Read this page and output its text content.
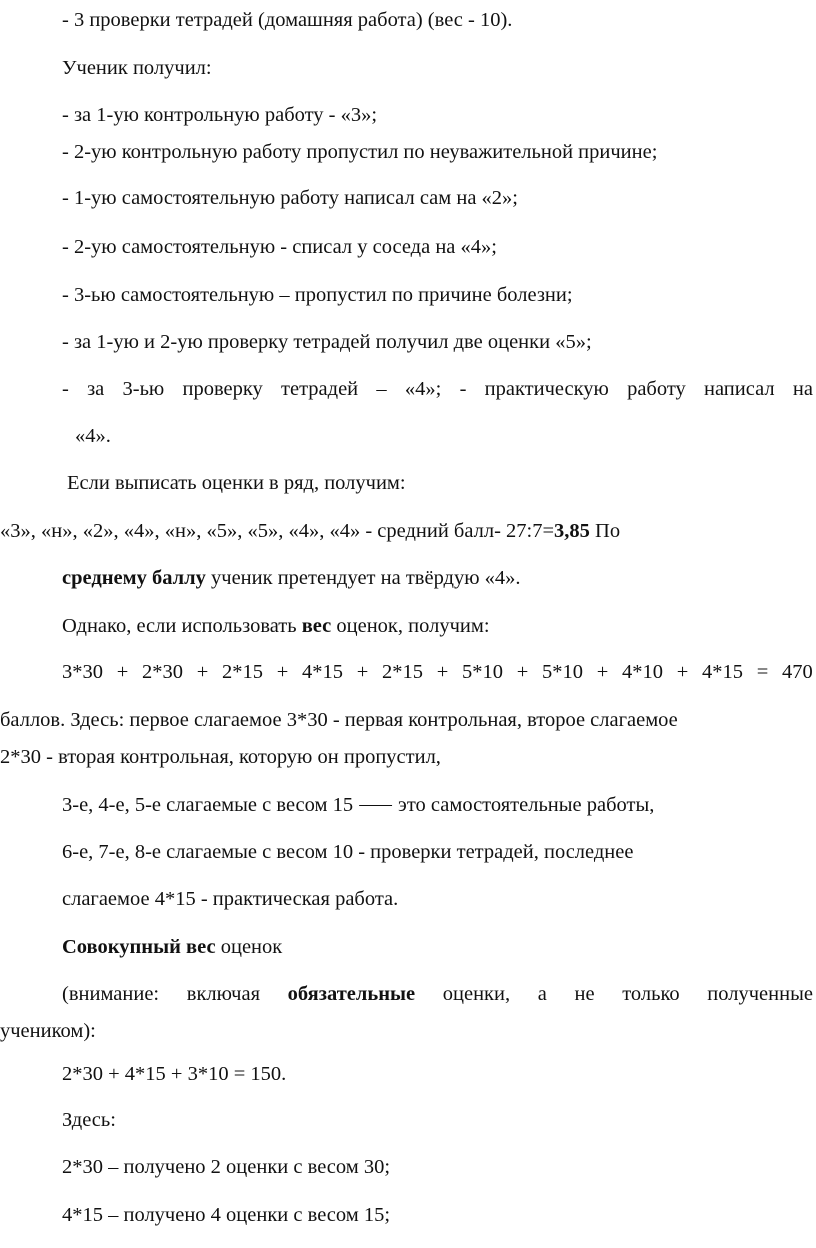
- 3 проверки тетрадей (домашняя работа) (вес - 10).
Ученик получил:
- за 1-ую контрольную работу - «3»;
- 2-ую контрольную работу пропустил по неуважительной причине;
- 1-ую самостоятельную работу написал сам на «2»;
- 2-ую самостоятельную - списал у соседа на «4»;
- 3-ью самостоятельную – пропустил по причине болезни;
- за 1-ую и 2-ую проверку тетрадей получил две оценки «5»;
- за 3-ью проверку тетрадей – «4»; - практическую работу написал на
«4».
Если выписать оценки в ряд, получим:
«3», «н», «2», «4», «н», «5», «5», «4», «4» - средний балл- 27:7=3,85 По
среднему баллу ученик претендует на твёрдую «4».
Однако, если использовать вес оценок, получим:
3*30 + 2*30 + 2*15 + 4*15 + 2*15 + 5*10 + 5*10 + 4*10 + 4*15 = 470
баллов. Здесь: первое слагаемое 3*30 - первая контрольная, второе слагаемое
2*30 - вторая контрольная, которую он пропустил,
3-е, 4-е, 5-е слагаемые с весом 15 ⸺ это самостоятельные работы,
6-е, 7-е, 8-е слагаемые с весом 10 - проверки тетрадей, последнее
слагаемое 4*15 - практическая работа.
Совокупный вес оценок
(внимание: включая обязательные оценки, а не только полученные
учеником):
2*30 + 4*15 + 3*10 = 150.
Здесь:
2*30 – получено 2 оценки с весом 30;
4*15 – получено 4 оценки с весом 15;
